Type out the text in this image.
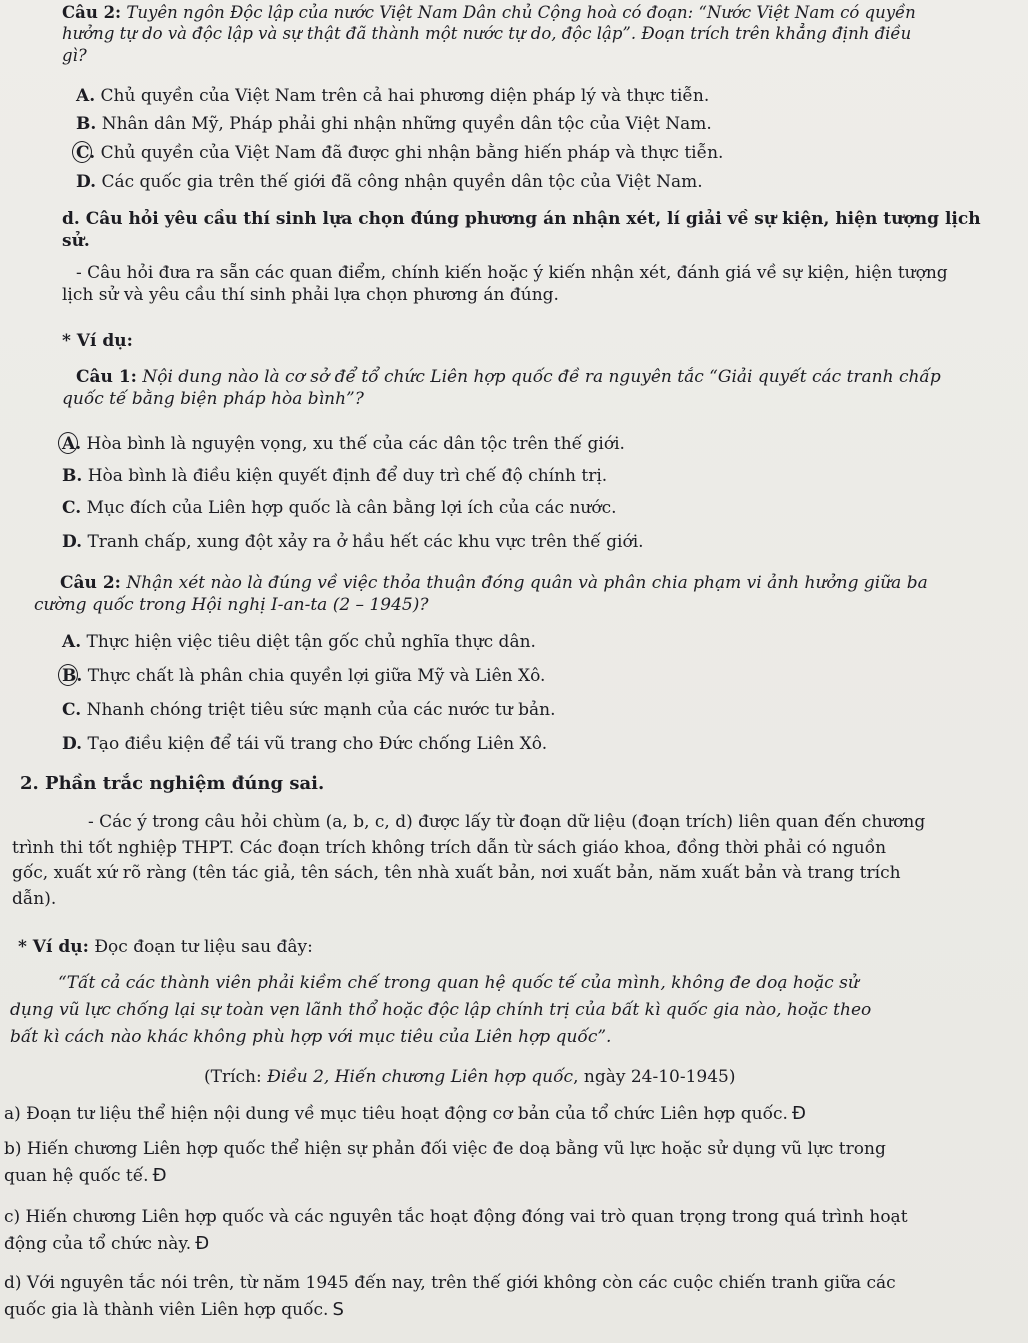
Câu 2: Tuyên ngôn Độc lập của nước Việt Nam Dân chủ Cộng hoà có đoạn: “Nước Việt Nam có quyền
hưởng tự do và độc lập và sự thật đã thành một nước tự do, độc lập”. Đoạn trích trên khẳng định điều
gì?
A. Chủ quyền của Việt Nam trên cả hai phương diện pháp lý và thực tiễn.
B. Nhân dân Mỹ, Pháp phải ghi nhận những quyền dân tộc của Việt Nam.
C. Chủ quyền của Việt Nam đã được ghi nhận bằng hiến pháp và thực tiễn.
D. Các quốc gia trên thế giới đã công nhận quyền dân tộc của Việt Nam.
d. Câu hỏi yêu cầu thí sinh lựa chọn đúng phương án nhận xét, lí giải về sự kiện, hiện tượng lịch
sử.
- Câu hỏi đưa ra sẵn các quan điểm, chính kiến hoặc ý kiến nhận xét, đánh giá về sự kiện, hiện tượng
lịch sử và yêu cầu thí sinh phải lựa chọn phương án đúng.
* Ví dụ:
Câu 1: Nội dung nào là cơ sở để tổ chức Liên hợp quốc đề ra nguyên tắc “Giải quyết các tranh chấp
quốc tế bằng biện pháp hòa bình”?
A. Hòa bình là nguyện vọng, xu thế của các dân tộc trên thế giới.
B. Hòa bình là điều kiện quyết định để duy trì chế độ chính trị.
C. Mục đích của Liên hợp quốc là cân bằng lợi ích của các nước.
D. Tranh chấp, xung đột xảy ra ở hầu hết các khu vực trên thế giới.
Câu 2: Nhận xét nào là đúng về việc thỏa thuận đóng quân và phân chia phạm vi ảnh hưởng giữa ba
cường quốc trong Hội nghị I-an-ta (2 – 1945)?
A. Thực hiện việc tiêu diệt tận gốc chủ nghĩa thực dân.
B. Thực chất là phân chia quyền lợi giữa Mỹ và Liên Xô.
C. Nhanh chóng triệt tiêu sức mạnh của các nước tư bản.
D. Tạo điều kiện để tái vũ trang cho Đức chống Liên Xô.
2. Phần trắc nghiệm đúng sai.
- Các ý trong câu hỏi chùm (a, b, c, d) được lấy từ đoạn dữ liệu (đoạn trích) liên quan đến chương
trình thi tốt nghiệp THPT. Các đoạn trích không trích dẫn từ sách giáo khoa, đồng thời phải có nguồn
gốc, xuất xứ rõ ràng (tên tác giả, tên sách, tên nhà xuất bản, nơi xuất bản, năm xuất bản và trang trích
dẫn).
* Ví dụ: Đọc đoạn tư liệu sau đây:
“Tất cả các thành viên phải kiềm chế trong quan hệ quốc tế của mình, không đe doạ hoặc sử
dụng vũ lực chống lại sự toàn vẹn lãnh thổ hoặc độc lập chính trị của bất kì quốc gia nào, hoặc theo
bất kì cách nào khác không phù hợp với mục tiêu của Liên hợp quốc”.
(Trích: Điều 2, Hiến chương Liên hợp quốc, ngày 24-10-1945)
a) Đoạn tư liệu thể hiện nội dung về mục tiêu hoạt động cơ bản của tổ chức Liên hợp quốc. Đ
b) Hiến chương Liên hợp quốc thể hiện sự phản đối việc đe doạ bằng vũ lực hoặc sử dụng vũ lực trong
quan hệ quốc tế. Đ
c) Hiến chương Liên hợp quốc và các nguyên tắc hoạt động đóng vai trò quan trọng trong quá trình hoạt
động của tổ chức này. Đ
d) Với nguyên tắc nói trên, từ năm 1945 đến nay, trên thế giới không còn các cuộc chiến tranh giữa các
quốc gia là thành viên Liên hợp quốc. S
